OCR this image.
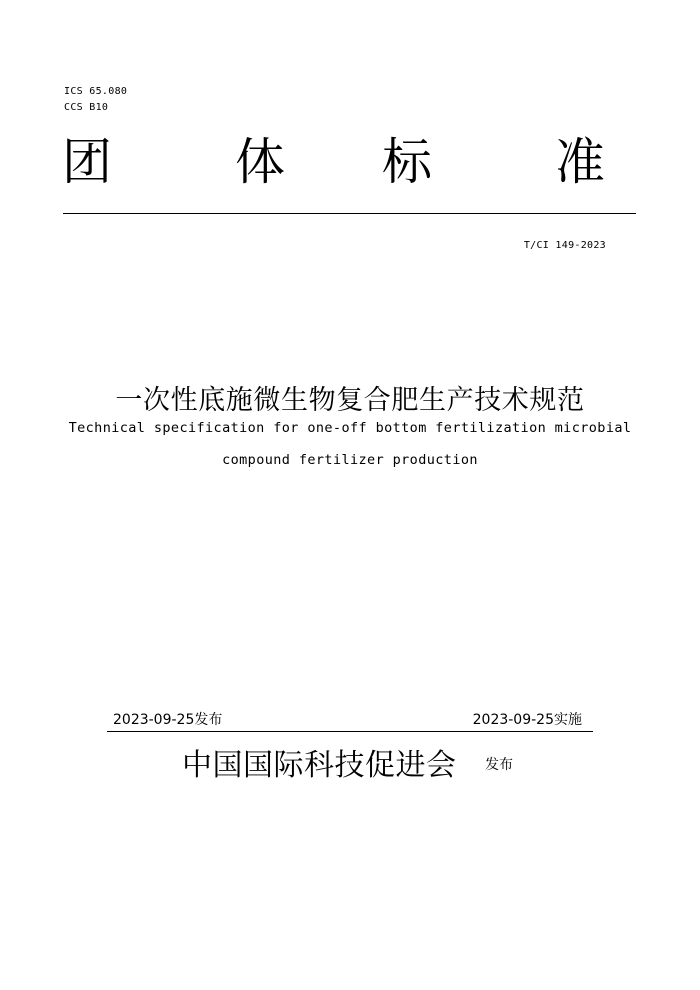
ICS 65.080
CCS B10
团 体 标 准
T/CI 149-2023
一次性底施微生物复合肥生产技术规范
Technical specification for one-off bottom fertilization microbial
compound fertilizer production
2023-09-25发布	2023-09-25实施
中国国际科技促进会 发布
